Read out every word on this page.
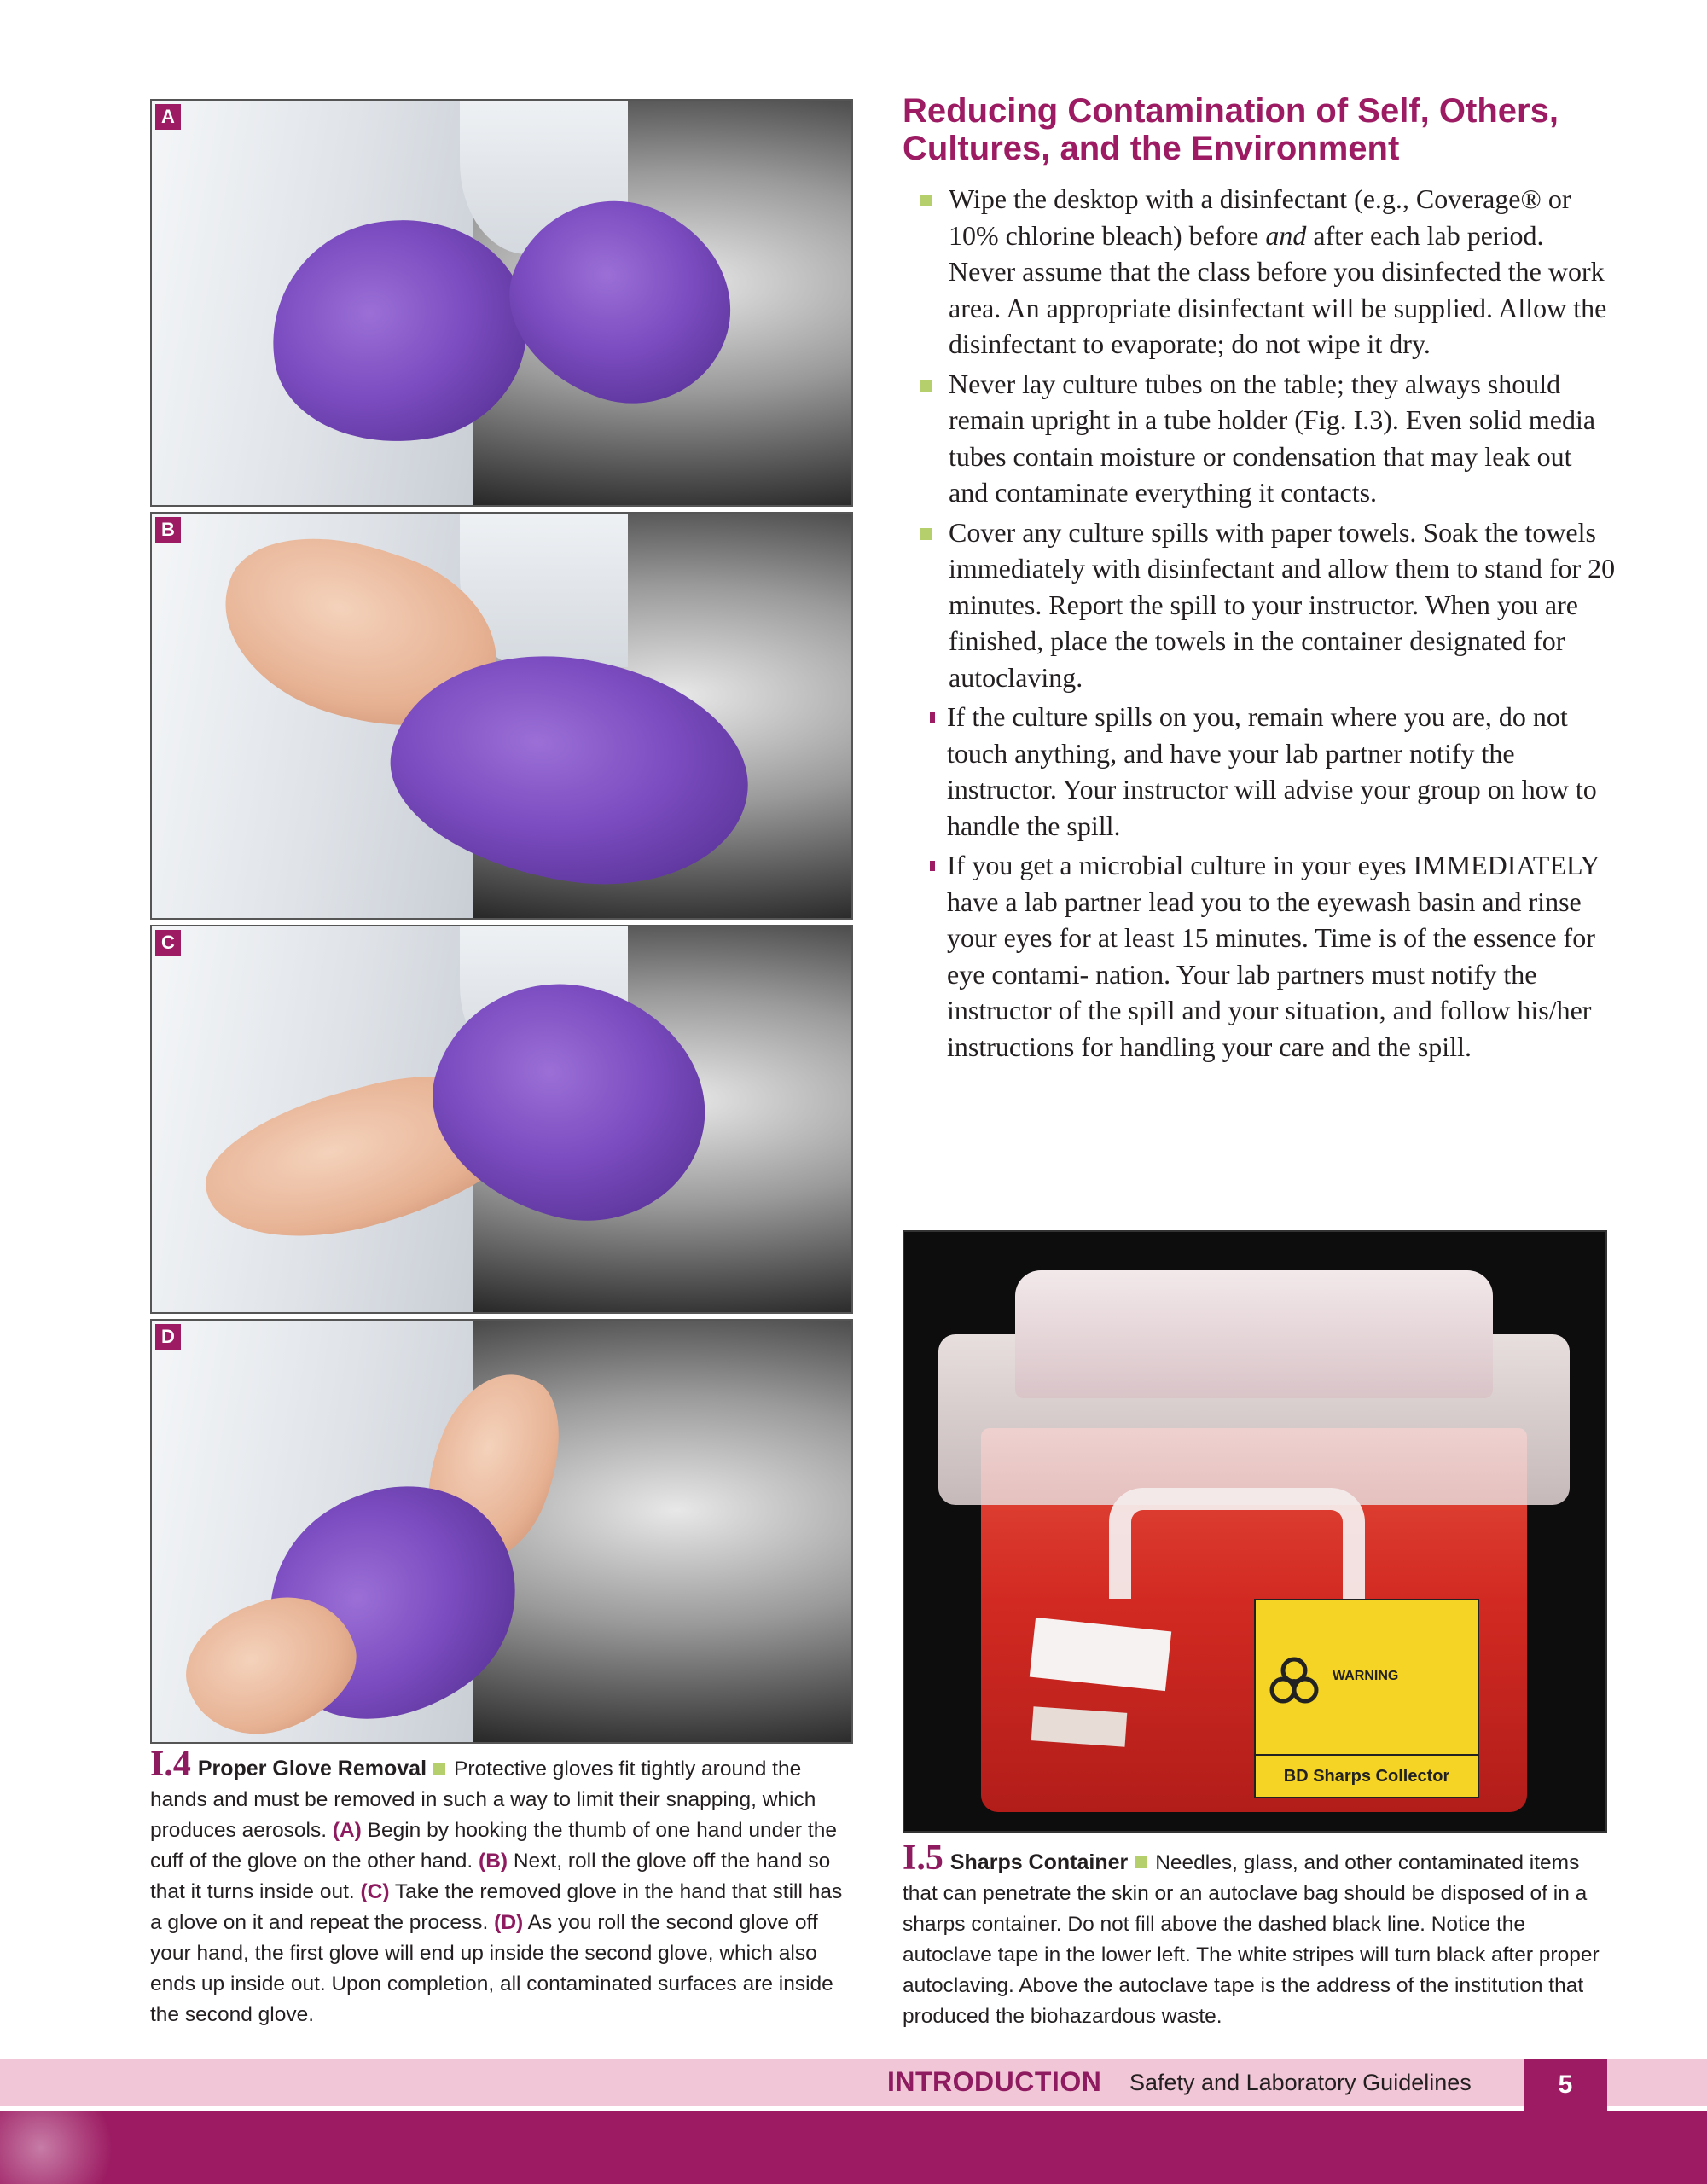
A
B
C
D
I.4 Proper Glove Removal Protective gloves fit tightly around the hands and must be removed in such a way to limit their snapping, which produces aerosols. (A) Begin by hooking the thumb of one hand under the cuff of the glove on the other hand. (B) Next, roll the glove off the hand so that it turns inside out. (C) Take the removed glove in the hand that still has a glove on it and repeat the process. (D) As you roll the second glove off your hand, the first glove will end up inside the second glove, which also ends up inside out. Upon completion, all contaminated surfaces are inside the second glove.
Reducing Contamination of Self, Others, Cultures, and the Environment
Wipe the desktop with a disinfectant (e.g., Coverage® or 10% chlorine bleach) before and after each lab period. Never assume that the class before you disinfected the work area. An appropriate disinfectant will be supplied. Allow the disinfectant to evaporate; do not wipe it dry.
Never lay culture tubes on the table; they always should remain upright in a tube holder (Fig. I.3). Even solid media tubes contain moisture or condensation that may leak out and contaminate everything it contacts.
Cover any culture spills with paper towels. Soak the towels immediately with disinfectant and allow them to stand for 20 minutes. Report the spill to your instructor. When you are finished, place the towels in the container designated for autoclaving.
If the culture spills on you, remain where you are, do not touch anything, and have your lab partner notify the instructor. Your instructor will advise your group on how to handle the spill.
If you get a microbial culture in your eyes IMMEDIATELY have a lab partner lead you to the eyewash basin and rinse your eyes for at least 15 minutes. Time is of the essence for eye contami- nation. Your lab partners must notify the instructor of the spill and your situation, and follow his/her instructions for handling your care and the spill.
WARNING
BD Sharps Collector
I.5 Sharps Container Needles, glass, and other contaminated items that can penetrate the skin or an autoclave bag should be disposed of in a sharps container. Do not fill above the dashed black line. Notice the autoclave tape in the lower left. The white stripes will turn black after proper autoclaving. Above the autoclave tape is the address of the institution that produced the biohazardous waste.
INTRODUCTION Safety and Laboratory Guidelines	5
